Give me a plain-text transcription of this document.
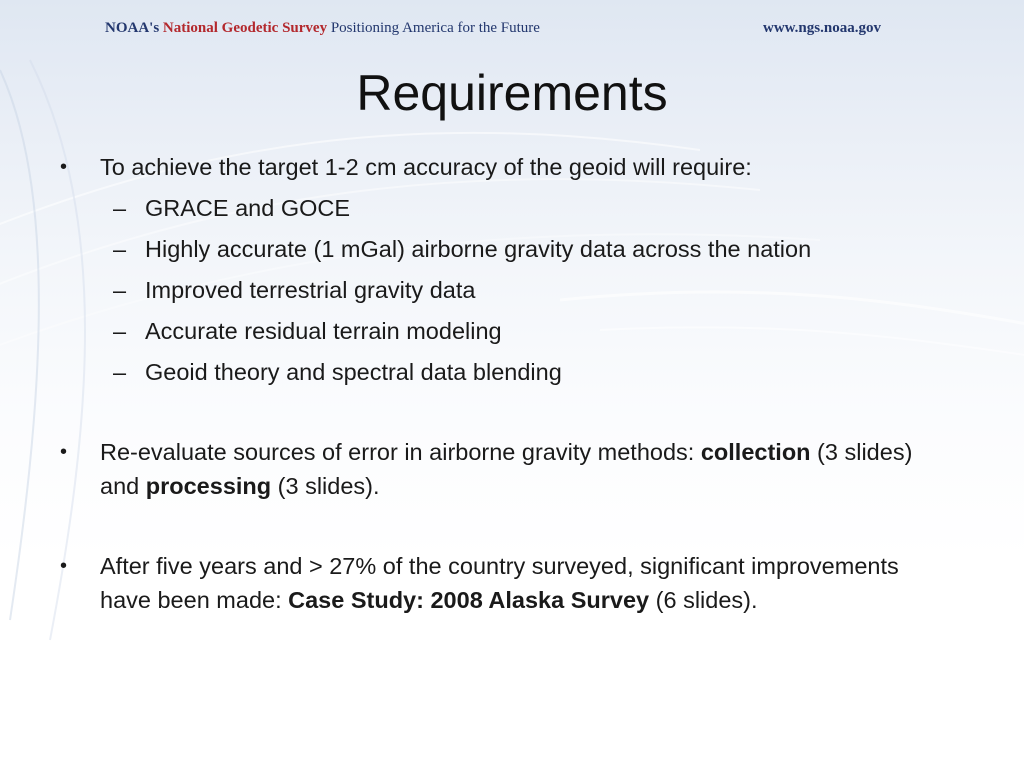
NOAA's National Geodetic Survey Positioning America for the Future	www.ngs.noaa.gov
Requirements
• To achieve the target 1-2 cm accuracy of the geoid will require:
– GRACE and GOCE
– Highly accurate (1 mGal) airborne gravity data across the nation
– Improved terrestrial gravity data
– Accurate residual terrain modeling
– Geoid theory and spectral data blending
• Re-evaluate sources of error in airborne gravity methods: collection (3 slides) and processing (3 slides).
• After five years and > 27% of the country surveyed, significant improvements have been made: Case Study: 2008 Alaska Survey (6 slides).
